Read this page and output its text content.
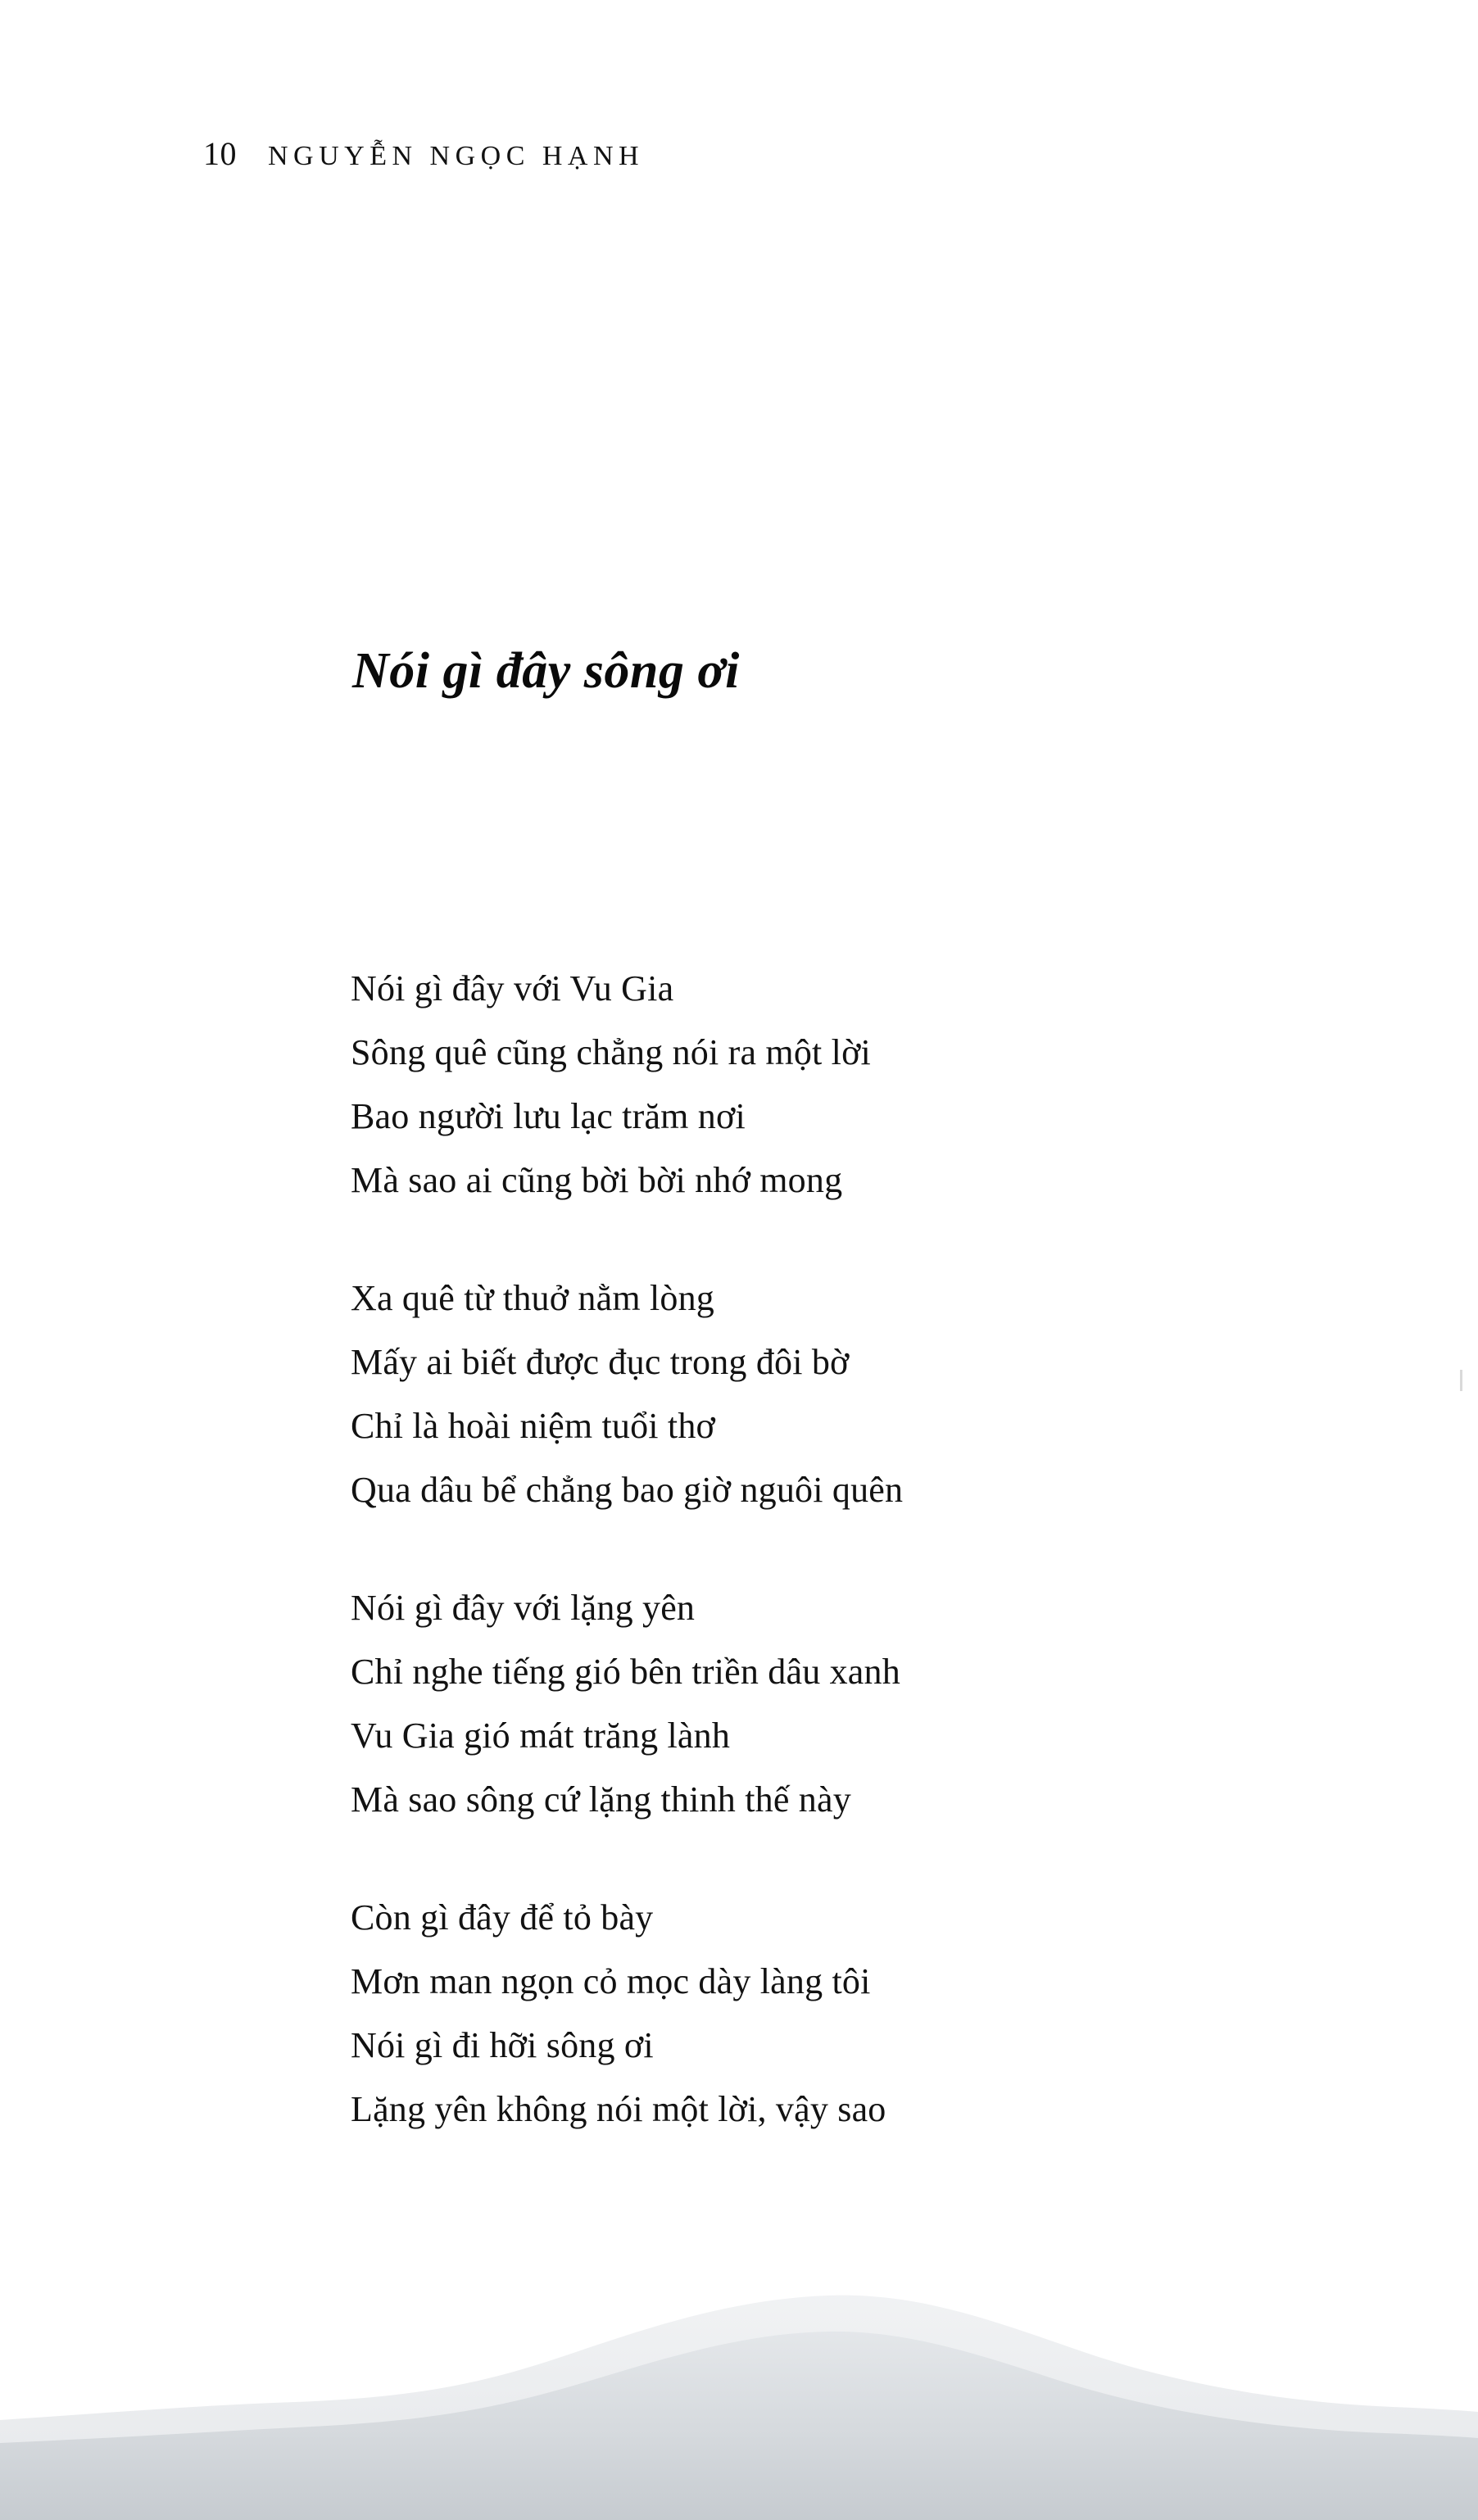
10 NGUYỄN NGỌC HẠNH
Nói gì đây sông ơi
Nói gì đây với Vu Gia
Sông quê cũng chẳng nói ra một lời
Bao người lưu lạc trăm nơi
Mà sao ai cũng bời bời nhớ mong
Xa quê từ thuở nằm lòng
Mấy ai biết được đục trong đôi bờ
Chỉ là hoài niệm tuổi thơ
Qua dâu bể chẳng bao giờ nguôi quên
Nói gì đây với lặng yên
Chỉ nghe tiếng gió bên triền dâu xanh
Vu Gia gió mát trăng lành
Mà sao sông cứ lặng thinh thế này
Còn gì đây để tỏ bày
Mơn man ngọn cỏ mọc dày làng tôi
Nói gì đi hỡi sông ơi
Lặng yên không nói một lời, vậy sao
